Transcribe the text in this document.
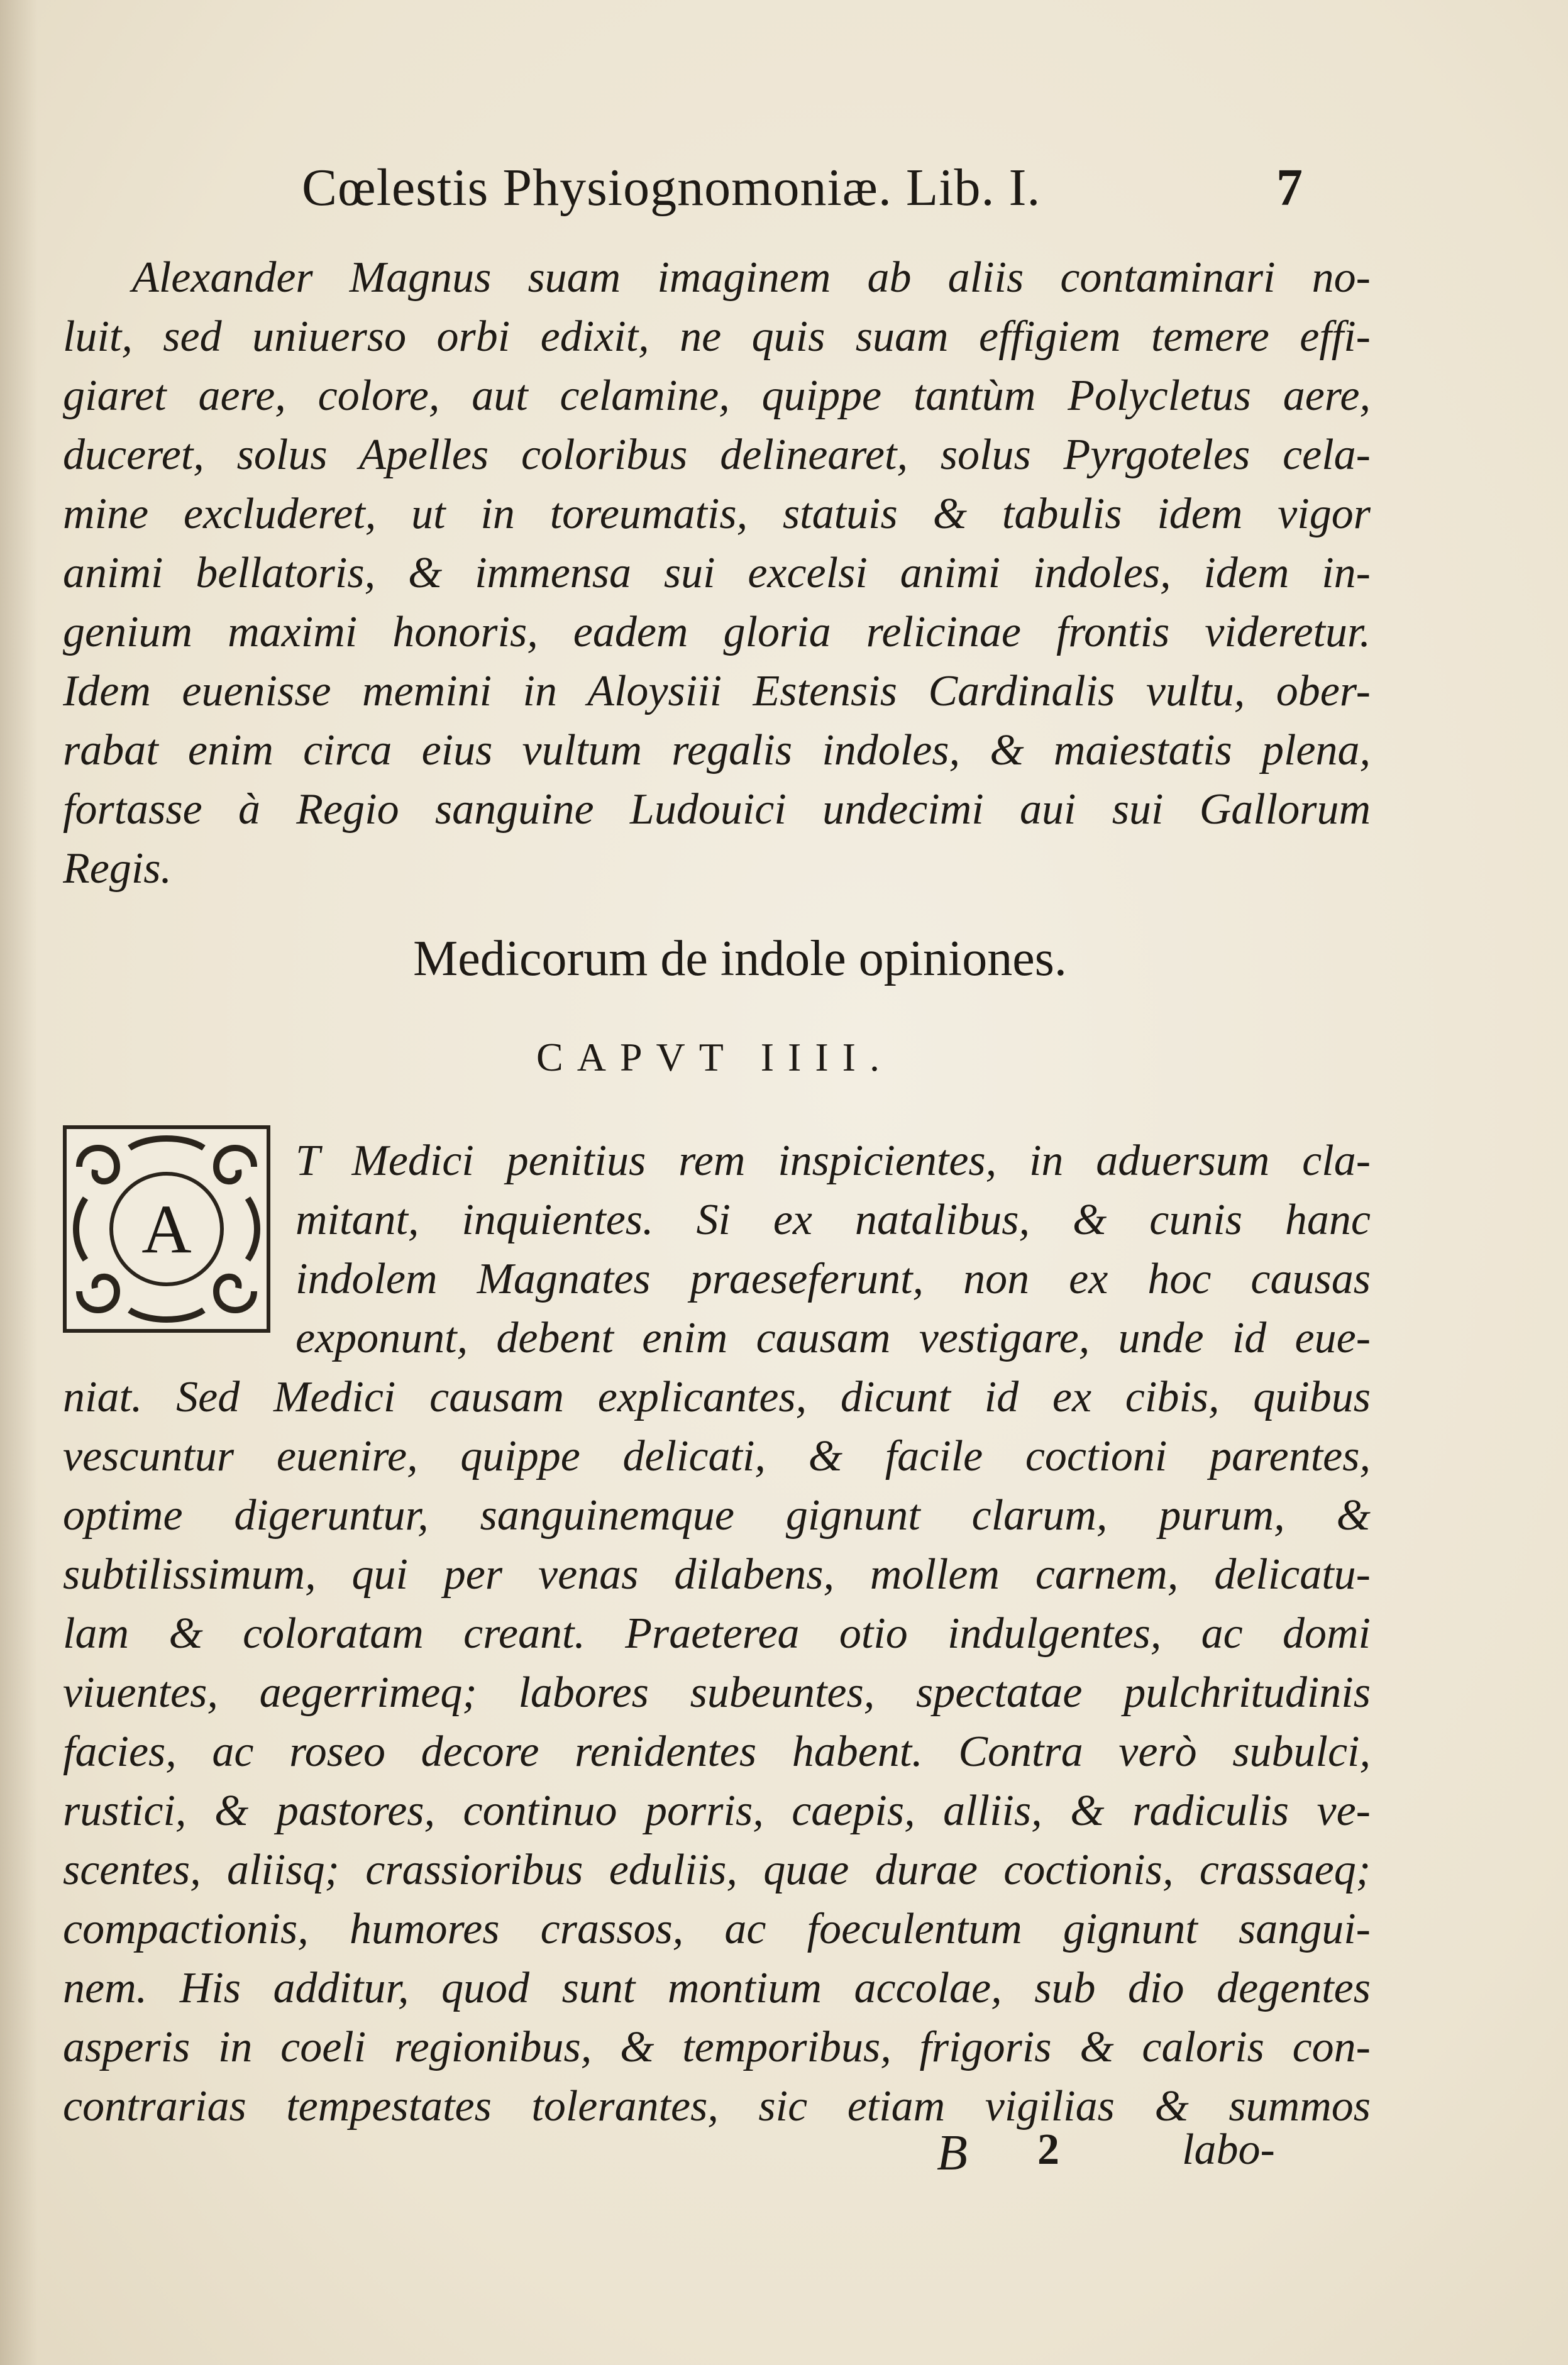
Cœlestis Physiognomoniæ. Lib. I.	7
Alexander Magnus suam imaginem ab aliis contaminari no-
luit, sed uniuerso orbi edixit, ne quis suam effigiem temere effi-
giaret aere, colore, aut celamine, quippe tantùm Polycletus aere,
duceret, solus Apelles coloribus delinearet, solus Pyrgoteles cela-
mine excluderet, ut in toreumatis, statuis & tabulis idem vigor
animi bellatoris, & immensa sui excelsi animi indoles, idem in-
genium maximi honoris, eadem gloria relicinae frontis videretur.
Idem euenisse memini in Aloysiii Estensis Cardinalis vultu, ober-
rabat enim circa eius vultum regalis indoles, & maiestatis plena,
fortasse à Regio sanguine Ludouici undecimi aui sui Gallorum
Regis.
Medicorum de indole opiniones.
CAPVT IIII.
A
T Medici penitius rem inspicientes, in aduersum cla-
mitant, inquientes. Si ex natalibus, & cunis hanc
indolem Magnates praeseferunt, non ex hoc causas
exponunt, debent enim causam vestigare, unde id eue-
niat. Sed Medici causam explicantes, dicunt id ex cibis, quibus
vescuntur euenire, quippe delicati, & facile coctioni parentes,
optime digeruntur, sanguinemque gignunt clarum, purum, &
subtilissimum, qui per venas dilabens, mollem carnem, delicatu-
lam & coloratam creant. Praeterea otio indulgentes, ac domi
viuentes, aegerrimeq; labores subeuntes, spectatae pulchritudinis
facies, ac roseo decore renidentes habent. Contra verò subulci,
rustici, & pastores, continuo porris, caepis, alliis, & radiculis ve-
scentes, aliisq; crassioribus eduliis, quae durae coctionis, crassaeq;
compactionis, humores crassos, ac foeculentum gignunt sangui-
nem. His additur, quod sunt montium accolae, sub dio degentes
asperis in coeli regionibus, & temporibus, frigoris & caloris con-
contrarias tempestates tolerantes, sic etiam vigilias & summos
B 2	labo-
